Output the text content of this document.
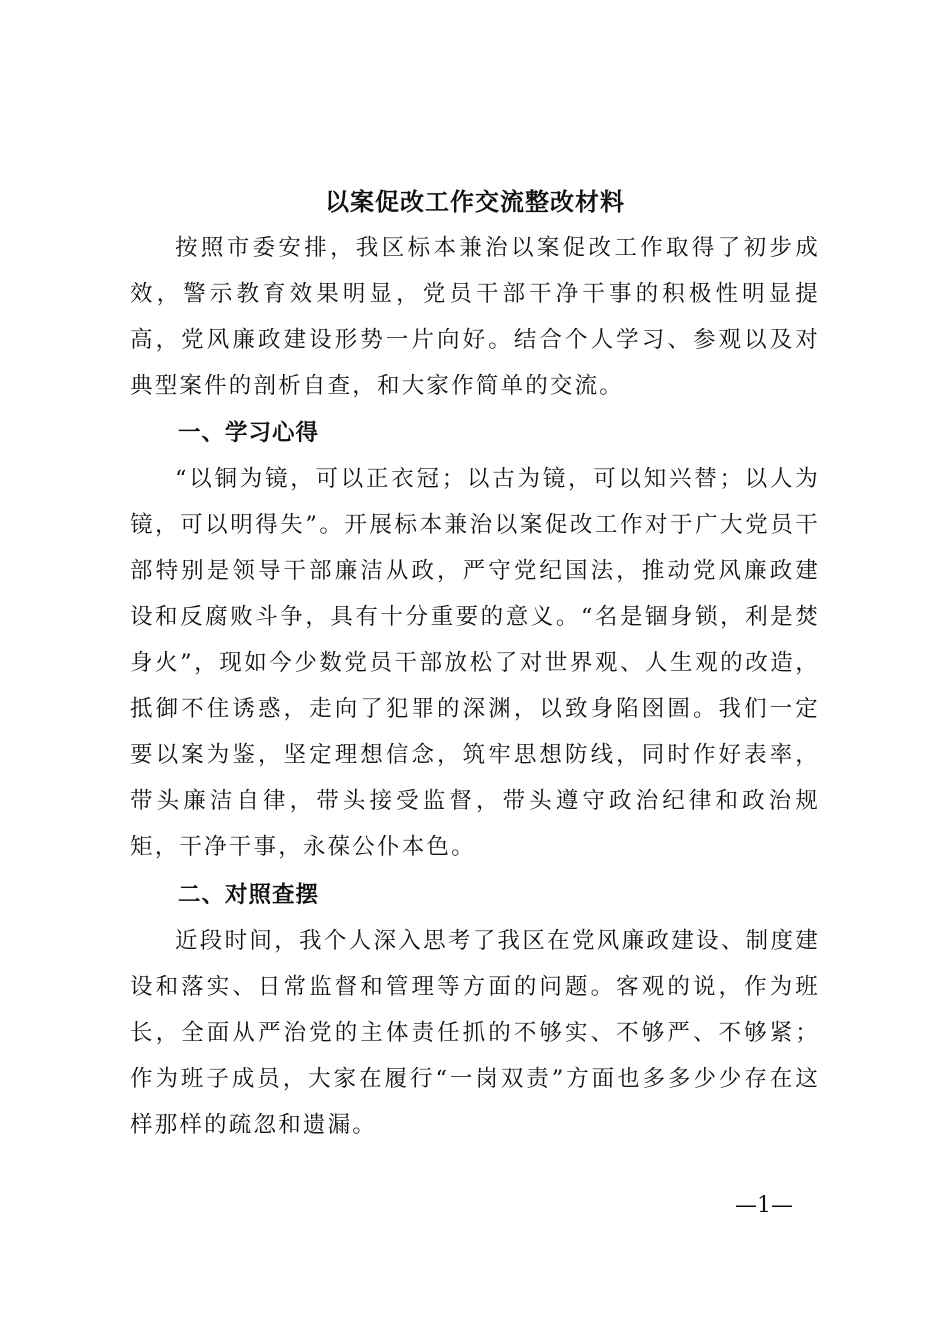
以案促改工作交流整改材料

按照市委安排，我区标本兼治以案促改工作取得了初步成效，警示教育效果明显，党员干部干净干事的积极性明显提高，党风廉政建设形势一片向好。结合个人学习、参观以及对典型案件的剖析自查，和大家作简单的交流。

一、学习心得

“以铜为镜，可以正衣冠；以古为镜，可以知兴替；以人为镜，可以明得失”。开展标本兼治以案促改工作对于广大党员干部特别是领导干部廉洁从政，严守党纪国法，推动党风廉政建设和反腐败斗争，具有十分重要的意义。“名是锢身锁，利是焚身火”，现如今少数党员干部放松了对世界观、人生观的改造，抵御不住诱惑，走向了犯罪的深渊，以致身陷囹圄。我们一定要以案为鉴，坚定理想信念，筑牢思想防线，同时作好表率，带头廉洁自律，带头接受监督，带头遵守政治纪律和政治规矩，干净干事，永葆公仆本色。

二、对照查摆

近段时间，我个人深入思考了我区在党风廉政建设、制度建设和落实、日常监督和管理等方面的问题。客观的说，作为班长，全面从严治党的主体责任抓的不够实、不够严、不够紧；作为班子成员，大家在履行“一岗双责”方面也多多少少存在这样那样的疏忽和遗漏。

—1—
